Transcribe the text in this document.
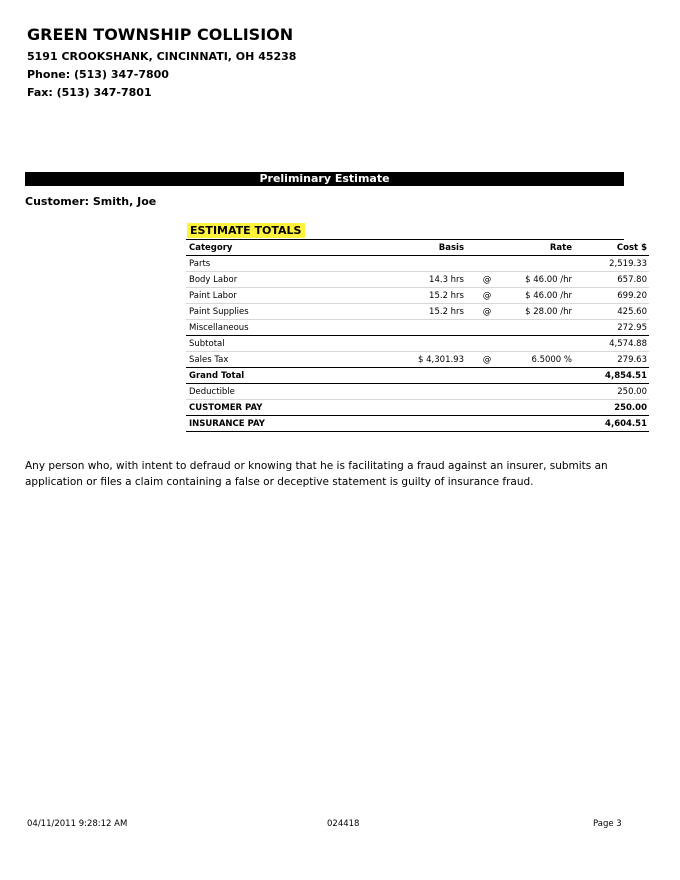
GREEN TOWNSHIP COLLISION
5191 CROOKSHANK, CINCINNATI, OH 45238
Phone: (513) 347-7800
Fax: (513) 347-7801
Preliminary Estimate
Customer: Smith, Joe
ESTIMATE TOTALS
Category	Basis		Rate	Cost $
Parts				2,519.33
Body Labor	14.3 hrs	@	$ 46.00 /hr	657.80
Paint Labor	15.2 hrs	@	$ 46.00 /hr	699.20
Paint Supplies	15.2 hrs	@	$ 28.00 /hr	425.60
Miscellaneous				272.95
Subtotal				4,574.88
Sales Tax	$ 4,301.93	@	6.5000 %	279.63
Grand Total				4,854.51
Deductible				250.00
CUSTOMER PAY				250.00
INSURANCE PAY				4,604.51
Any person who, with intent to defraud or knowing that he is facilitating a fraud against an insurer, submits an application or files a claim containing a false or deceptive statement is guilty of insurance fraud.
04/11/2011 9:28:12 AM	024418	Page 3
